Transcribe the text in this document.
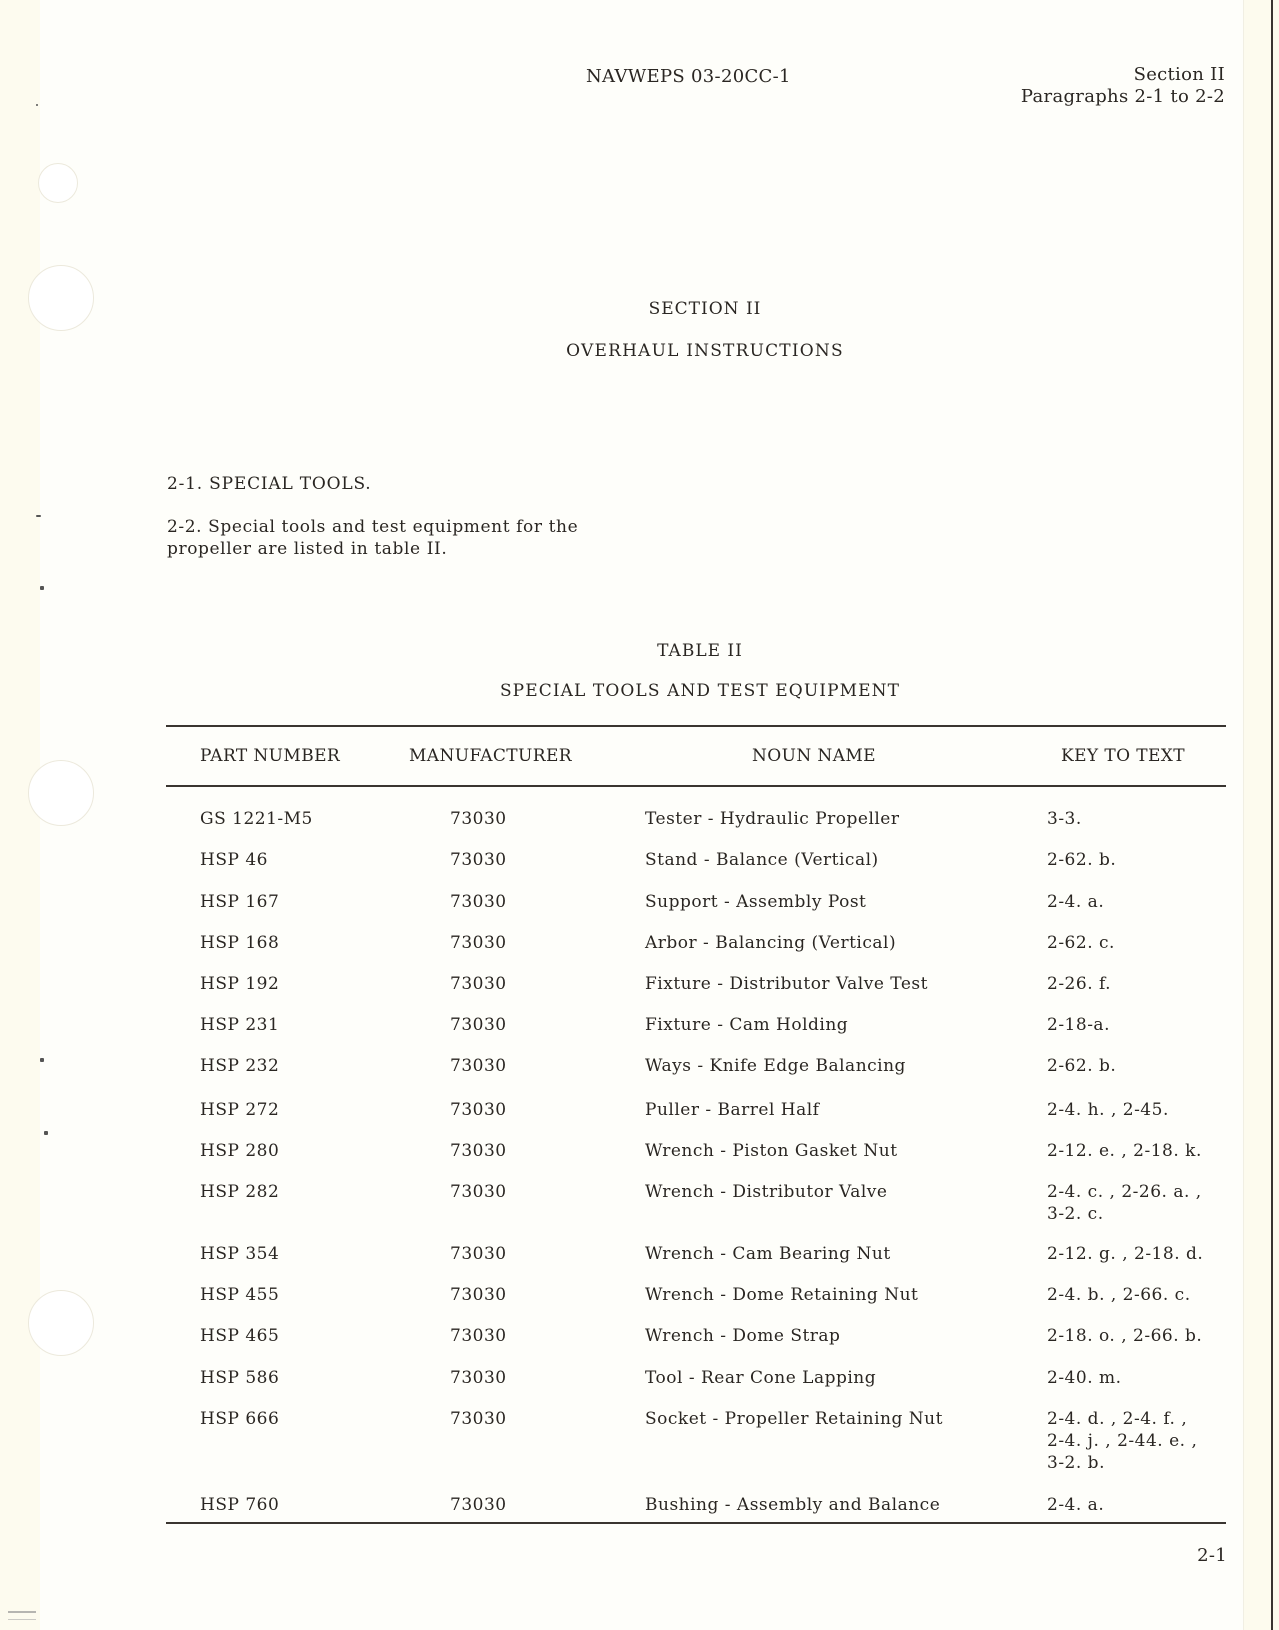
NAVWEPS 03-20CC-1	Section II
Paragraphs 2-1 to 2-2
SECTION II
OVERHAUL INSTRUCTIONS
2-1. SPECIAL TOOLS.
2-2. Special tools and test equipment for the propeller are listed in table II.
TABLE II
SPECIAL TOOLS AND TEST EQUIPMENT
PART NUMBER	MANUFACTURER	NOUN NAME	KEY TO TEXT
GS 1221-M5	73030	Tester - Hydraulic Propeller	3-3.
HSP 46	73030	Stand - Balance (Vertical)	2-62. b.
HSP 167	73030	Support - Assembly Post	2-4. a.
HSP 168	73030	Arbor - Balancing (Vertical)	2-62. c.
HSP 192	73030	Fixture - Distributor Valve Test	2-26. f.
HSP 231	73030	Fixture - Cam Holding	2-18-a.
HSP 232	73030	Ways - Knife Edge Balancing	2-62. b.
HSP 272	73030	Puller - Barrel Half	2-4. h. , 2-45.
HSP 280	73030	Wrench - Piston Gasket Nut	2-12. e. , 2-18. k.
HSP 282	73030	Wrench - Distributor Valve	2-4. c. , 2-26. a. ,
3-2. c.
HSP 354	73030	Wrench - Cam Bearing Nut	2-12. g. , 2-18. d.
HSP 455	73030	Wrench - Dome Retaining Nut	2-4. b. , 2-66. c.
HSP 465	73030	Wrench - Dome Strap	2-18. o. , 2-66. b.
HSP 586	73030	Tool - Rear Cone Lapping	2-40. m.
HSP 666	73030	Socket - Propeller Retaining Nut	2-4. d. , 2-4. f. ,
2-4. j. , 2-44. e. ,
3-2. b.
HSP 760	73030	Bushing - Assembly and Balance	2-4. a.
2-1
